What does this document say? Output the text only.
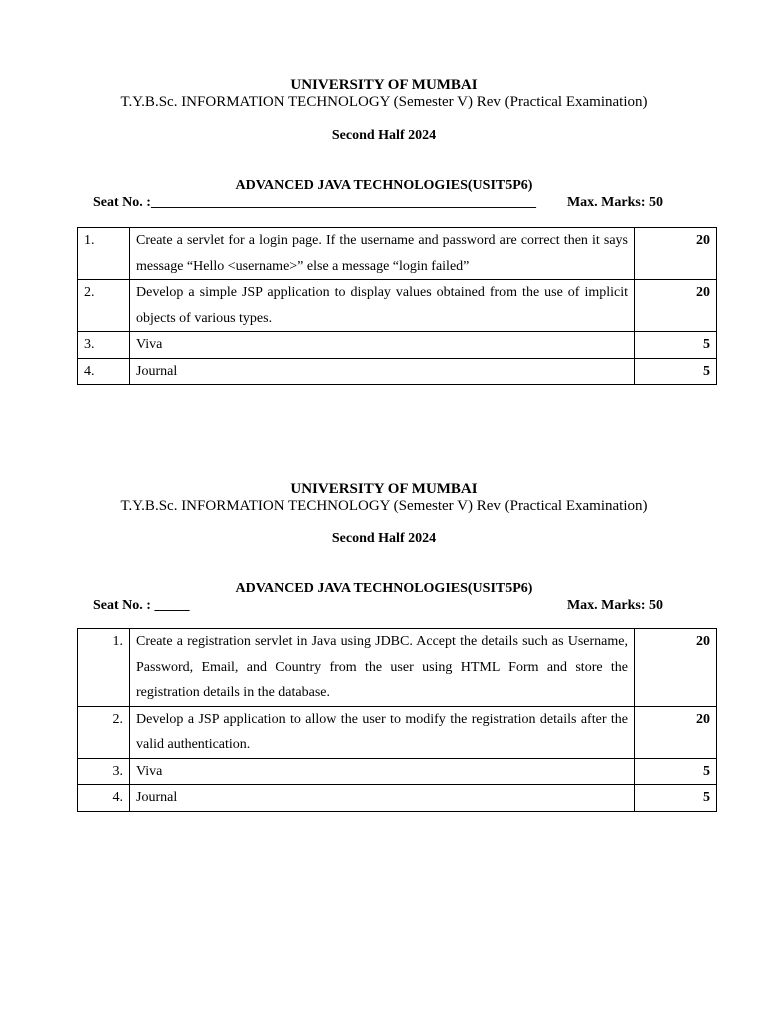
UNIVERSITY OF MUMBAI
T.Y.B.Sc. INFORMATION TECHNOLOGY (Semester V) Rev (Practical Examination)
Second Half 2024
ADVANCED JAVA TECHNOLOGIES(USIT5P6)
Seat No. :_______________________________________________________ Max. Marks: 50
1.	Create a servlet for a login page. If the username and password are correct then it says message “Hello <username>” else a message “login failed”	20
2.	Develop a simple JSP application to display values obtained from the use of implicit objects of various types.	20
3.	Viva	5
4.	Journal	5
UNIVERSITY OF MUMBAI
T.Y.B.Sc. INFORMATION TECHNOLOGY (Semester V) Rev (Practical Examination)
Second Half 2024
ADVANCED JAVA TECHNOLOGIES(USIT5P6)
Seat No. : _____	Max. Marks: 50
1.	Create a registration servlet in Java using JDBC. Accept the details such as Username, Password, Email, and Country from the user using HTML Form and store the registration details in the database.	20
2.	Develop a JSP application to allow the user to modify the registration details after the valid authentication.	20
3.	Viva	5
4.	Journal	5
